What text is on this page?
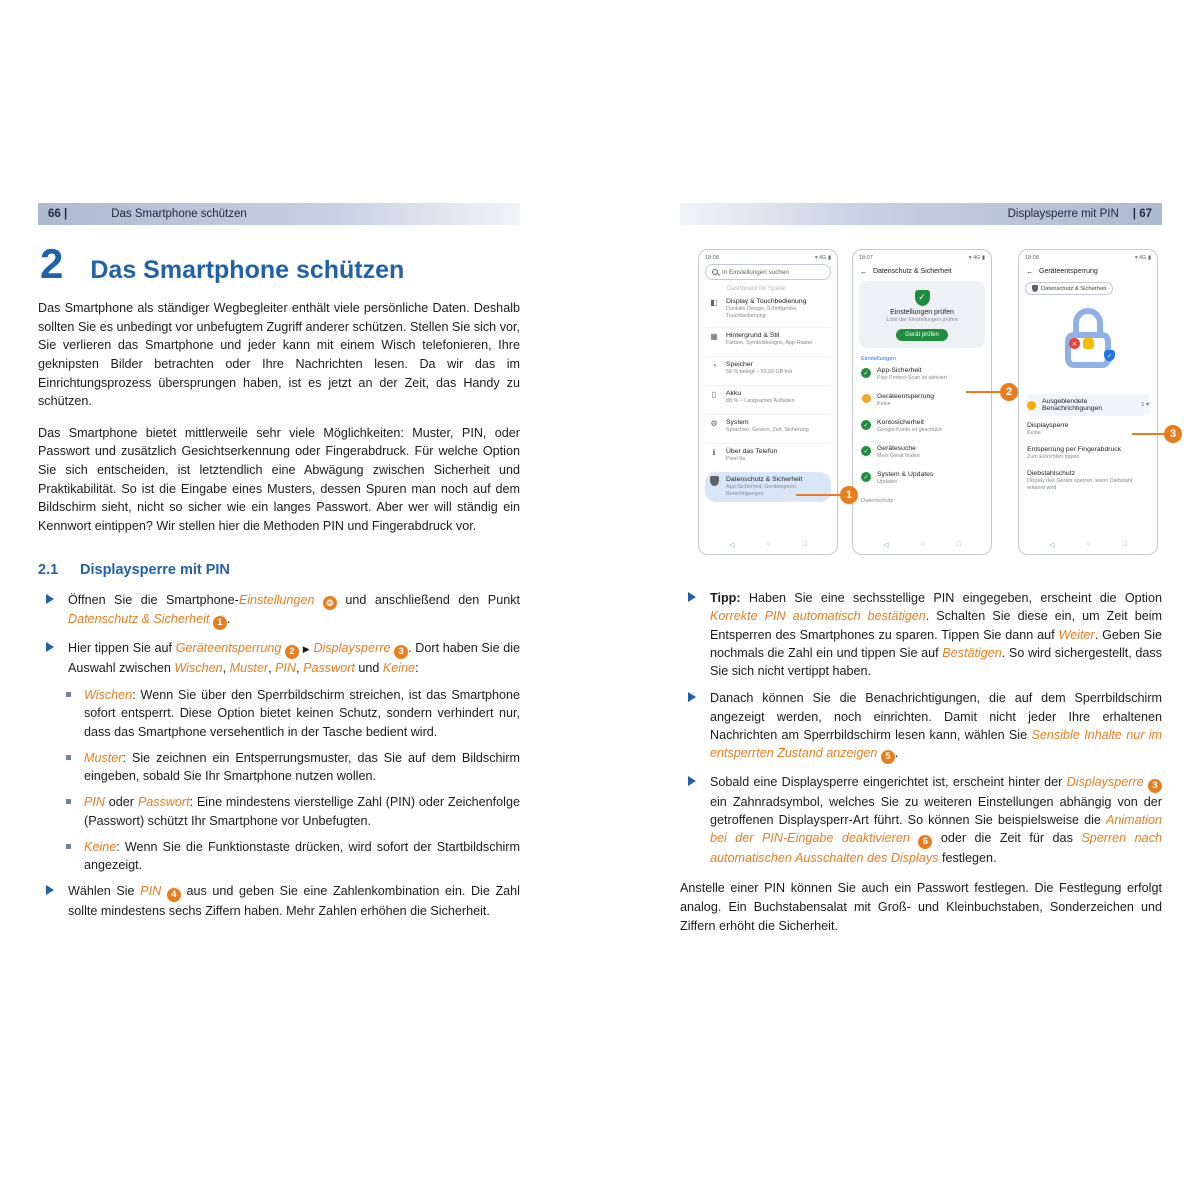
66 |	Das Smartphone schützen
2 Das Smartphone schützen

Das Smartphone als ständiger Wegbegleiter enthält viele persönliche Daten. Deshalb sollten Sie es unbedingt vor unbefugtem Zugriff anderer schützen. Stellen Sie sich vor, Sie verlieren das Smartphone und jeder kann mit einem Wisch telefonieren, Ihre geknipsten Bilder betrachten oder Ihre Nachrichten lesen. Da wir das im Einrichtungsprozess übersprungen haben, ist es jetzt an der Zeit, das Handy zu schützen.

Das Smartphone bietet mittlerweile sehr viele Möglichkeiten: Muster, PIN, oder Passwort und zusätzlich Gesichtserkennung oder Fingerabdruck. Für welche Option Sie sich entscheiden, ist letztendlich eine Abwägung zwischen Sicherheit und Praktikabilität. So ist die Eingabe eines Musters, dessen Spuren man noch auf dem Bildschirm sieht, nicht so sicher wie ein langes Passwort. Aber wer will ständig ein Kennwort eintippen? Wir stellen hier die Methoden PIN und Fingerabdruck vor.

2.1	Displaysperre mit PIN
Öffnen Sie die Smartphone-Einstellungen ⚙ und anschließend den Punkt Datenschutz & Sicherheit 1 .
Hier tippen Sie auf Geräteentsperrung 2 ▶ Displaysperre 3 . Dort haben Sie die Auswahl zwischen Wischen, Muster, PIN, Passwort und Keine:
Wischen: Wenn Sie über den Sperrbildschirm streichen, ist das Smartphone sofort entsperrt. Diese Option bietet keinen Schutz, sondern verhindert nur, dass das Smartphone versehentlich in der Tasche bedient wird.
Muster: Sie zeichnen ein Entsperrungsmuster, das Sie auf dem Bildschirm eingeben, sobald Sie Ihr Smartphone nutzen wollen.
PIN oder Passwort: Eine mindestens vierstellige Zahl (PIN) oder Zeichenfolge (Passwort) schützt Ihr Smartphone vor Unbefugten.
Keine: Wenn Sie die Funktionstaste drücken, wird sofort der Startbildschirm angezeigt.
Wählen Sie PIN 4 aus und geben Sie eine Zahlenkombination ein. Die Zahl sollte mindestens sechs Ziffern haben. Mehr Zahlen erhöhen die Sicherheit.
Displaysperre mit PIN | 67
18:08	▾ 4G ▮
In Einstellungen suchen
Dashboard für Spiele
◧	Display & Touchbedienung
Dunkles Design, Schriftgröße, Touchbedienung
▦	Hintergrund & Stil
Farben, Symboldesigns, App-Raster
◔	Speicher
58 % belegt – 53,93 GB frei
▯	Akku
88 % – Langsames Aufladen
⚙	System
Sprachen, Gesten, Zeit, Sicherung
ℹ	Über das Telefon
Pixel 6a
Datenschutz & Sicherheit
App-Sicherheit, Gerätesperre, Berechtigungen
◁	○	□
18:07	▾ 4G ▮
← Datenschutz & Sicherheit
✓
Einstellungen prüfen
Liste der Einstellungen prüfen
Gerät prüfen
Einstellungen
✓	App-Sicherheit
Play Protect-Scan ist aktiviert
Geräteentsperrung
Keine
✓	Kontosicherheit
Google-Konto ist geschützt
✓	Gerätesuche
Mein Gerät finden
✓	System & Updates
Updates
Datenschutz
◁	○	□
18:08	▾ 4G ▮
← Geräteentsperrung
Datenschutz & Sicherheit
✕
✓
Ausgeblendete Benachrichtigungen	1 ▾
Displaysperre
Keine
Entsperrung per Fingerabdruck
Zum Einrichten tippen
Diebstahlschutz
Display des Geräts sperren, wenn Diebstahl erkannt wird
◁	○	□
1
2
3
Tipp: Haben Sie eine sechsstellige PIN eingegeben, erscheint die Option Korrekte PIN automatisch bestätigen. Schalten Sie diese ein, um Zeit beim Entsperren des Smartphones zu sparen. Tippen Sie dann auf Weiter. Geben Sie nochmals die Zahl ein und tippen Sie auf Bestätigen. So wird sichergestellt, dass Sie sich nicht vertippt haben.
Danach können Sie die Benachrichtigungen, die auf dem Sperrbildschirm angezeigt werden, noch einrichten. Damit nicht jeder Ihre erhaltenen Nachrichten am Sperrbildschirm lesen kann, wählen Sie Sensible Inhalte nur im entsperrten Zustand anzeigen 5 .
Sobald eine Displaysperre eingerichtet ist, erscheint hinter der Displaysperre 3 ein Zahnradsymbol, welches Sie zu weiteren Einstellungen abhängig von der getroffenen Displaysperr-Art führt. So können Sie beispielsweise die Animation bei der PIN-Eingabe deaktivieren 6 oder die Zeit für das Sperren nach automatischen Ausschalten des Displays festlegen.

Anstelle einer PIN können Sie auch ein Passwort festlegen. Die Festlegung erfolgt analog. Ein Buchstabensalat mit Groß- und Kleinbuchstaben, Sonderzeichen und Ziffern erhöht die Sicherheit.
